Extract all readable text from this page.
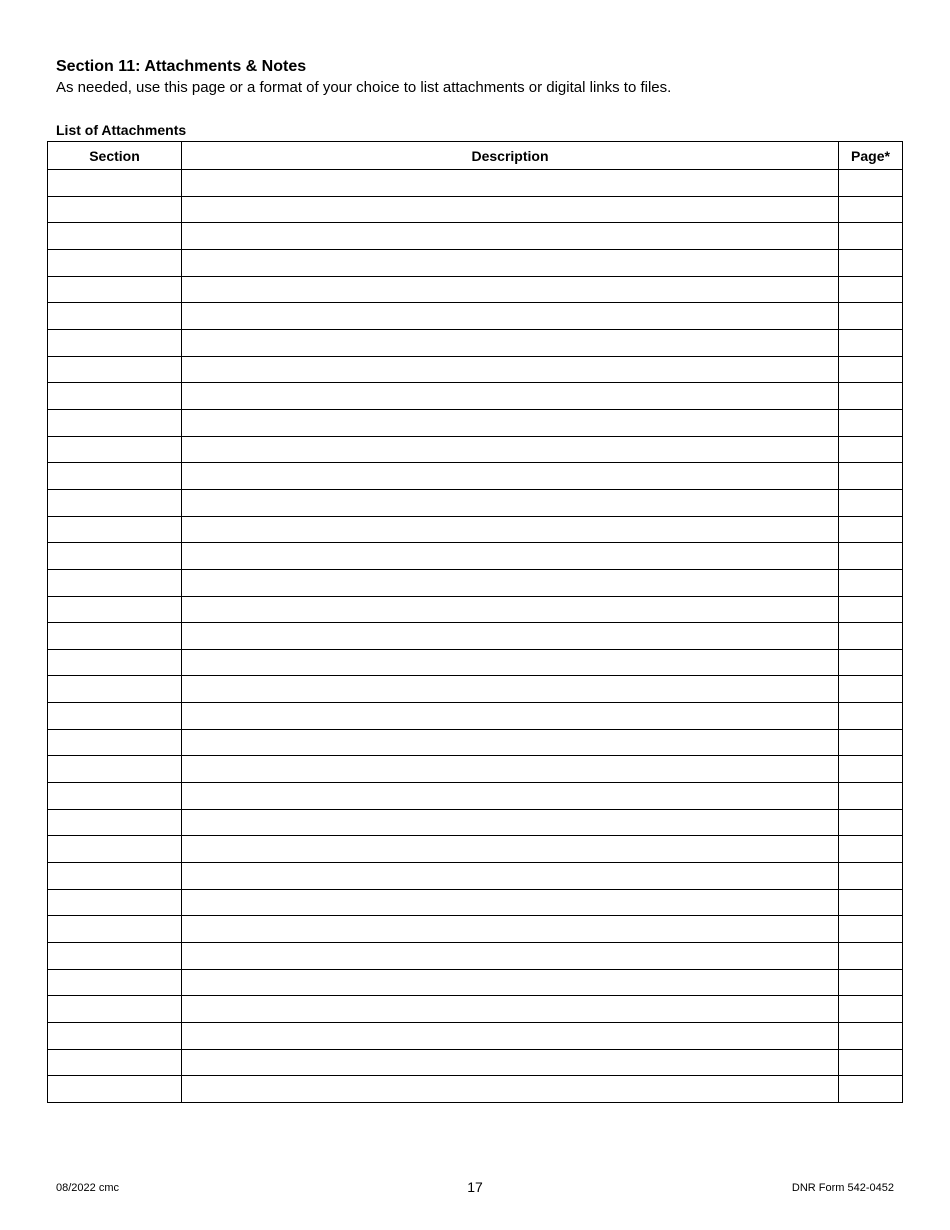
Section 11: Attachments & Notes
As needed, use this page or a format of your choice to list attachments or digital links to files.
List of Attachments
Section	Description	Page*

08/2022 cmc	17	DNR Form 542-0452
